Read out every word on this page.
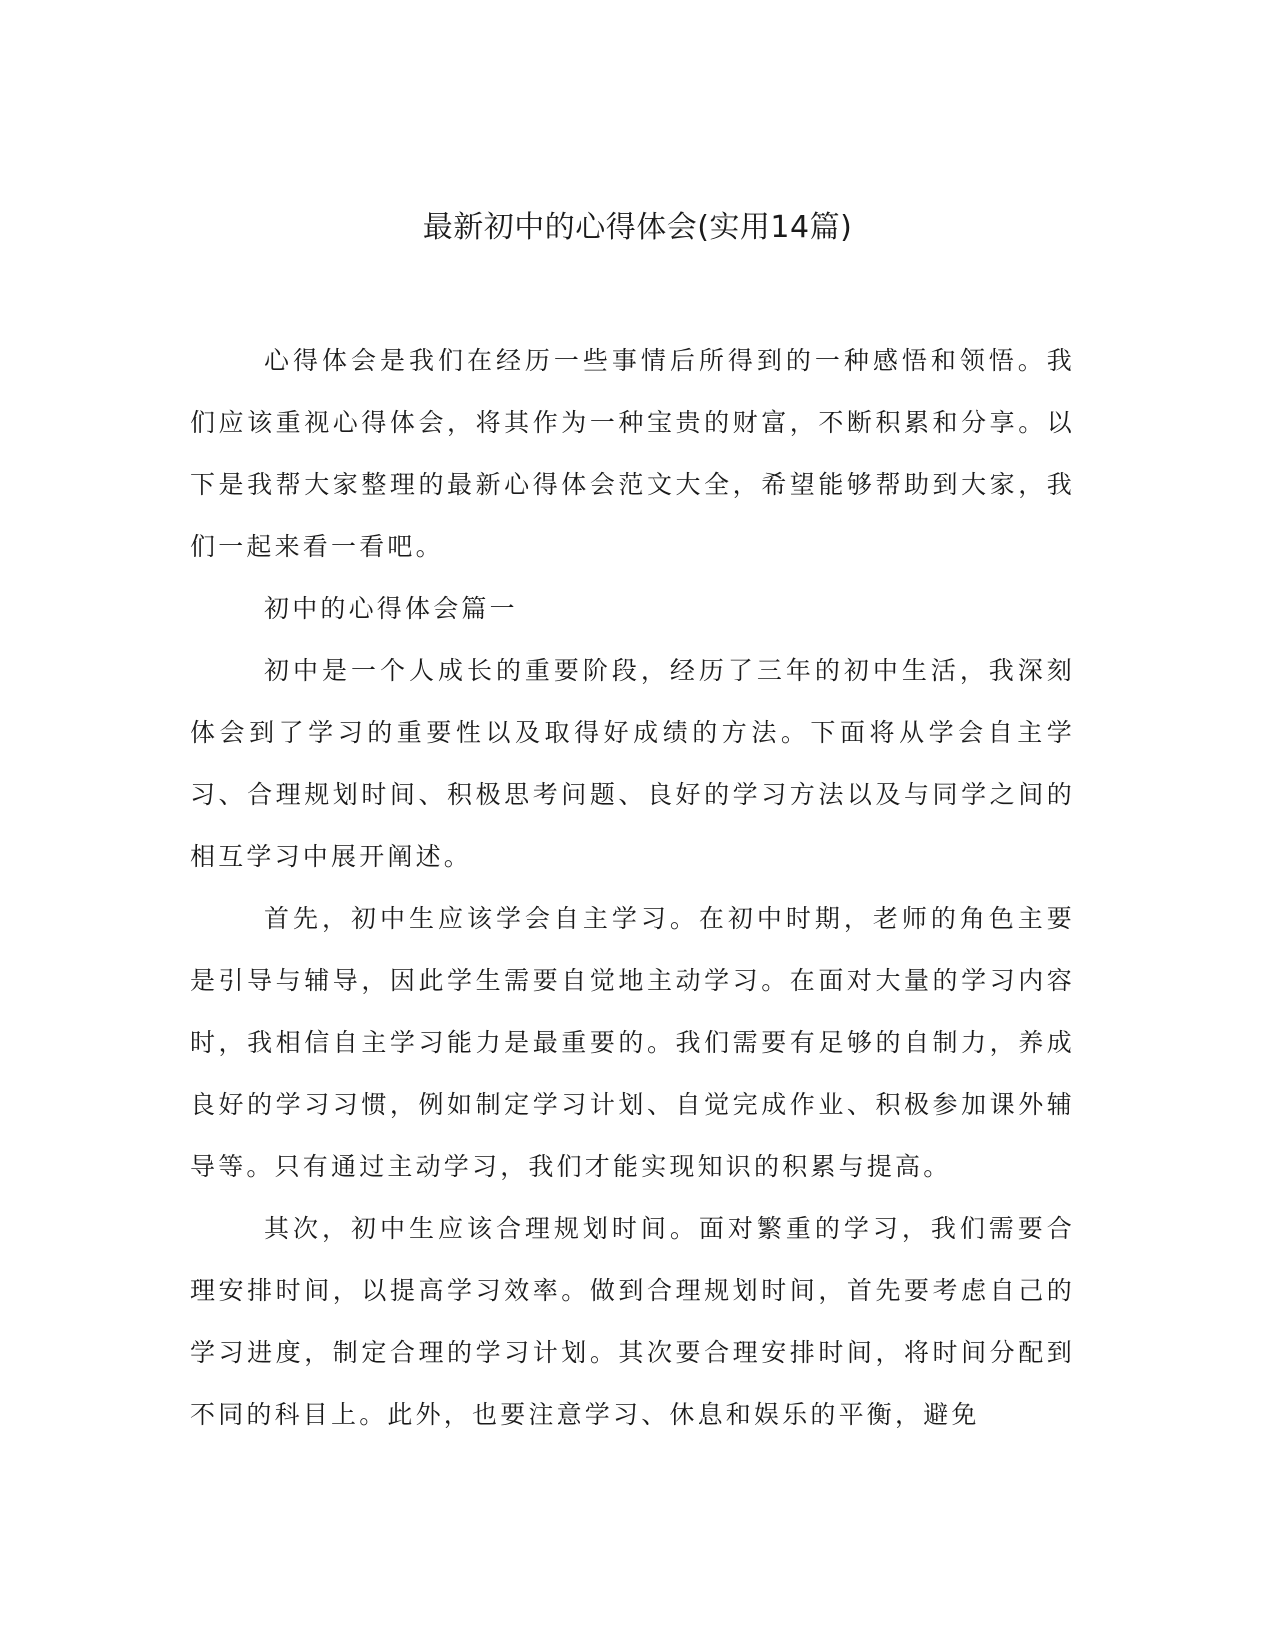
最新初中的心得体会(实用14篇)

心得体会是我们在经历一些事情后所得到的一种感悟和领悟。我们应该重视心得体会，将其作为一种宝贵的财富，不断积累和分享。以下是我帮大家整理的最新心得体会范文大全，希望能够帮助到大家，我们一起来看一看吧。

初中的心得体会篇一

初中是一个人成长的重要阶段，经历了三年的初中生活，我深刻体会到了学习的重要性以及取得好成绩的方法。下面将从学会自主学习、合理规划时间、积极思考问题、良好的学习方法以及与同学之间的相互学习中展开阐述。

首先，初中生应该学会自主学习。在初中时期，老师的角色主要是引导与辅导，因此学生需要自觉地主动学习。在面对大量的学习内容时，我相信自主学习能力是最重要的。我们需要有足够的自制力，养成良好的学习习惯，例如制定学习计划、自觉完成作业、积极参加课外辅导等。只有通过主动学习，我们才能实现知识的积累与提高。

其次，初中生应该合理规划时间。面对繁重的学习，我们需要合理安排时间，以提高学习效率。做到合理规划时间，首先要考虑自己的学习进度，制定合理的学习计划。其次要合理安排时间，将时间分配到不同的科目上。此外，也要注意学习、休息和娱乐的平衡，避免
